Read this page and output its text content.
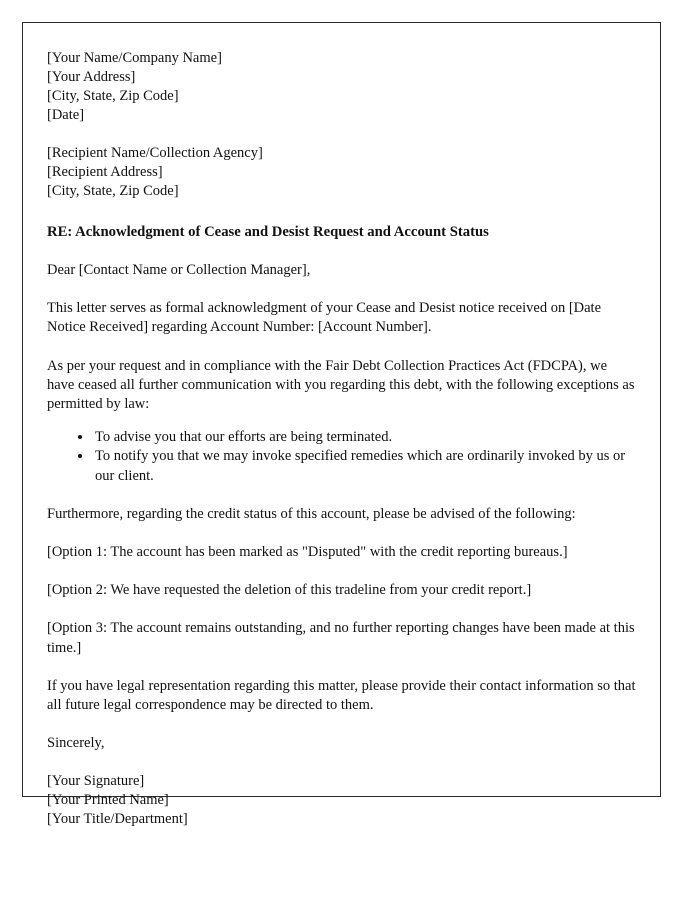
[Your Name/Company Name]
[Your Address]
[City, State, Zip Code]
[Date]
[Recipient Name/Collection Agency]
[Recipient Address]
[City, State, Zip Code]
RE: Acknowledgment of Cease and Desist Request and Account Status
Dear [Contact Name or Collection Manager],
This letter serves as formal acknowledgment of your Cease and Desist notice received on [Date Notice Received] regarding Account Number: [Account Number].
As per your request and in compliance with the Fair Debt Collection Practices Act (FDCPA), we have ceased all further communication with you regarding this debt, with the following exceptions as permitted by law:
• To advise you that our efforts are being terminated.
• To notify you that we may invoke specified remedies which are ordinarily invoked by us or our client.
Furthermore, regarding the credit status of this account, please be advised of the following:
[Option 1: The account has been marked as "Disputed" with the credit reporting bureaus.]
[Option 2: We have requested the deletion of this tradeline from your credit report.]
[Option 3: The account remains outstanding, and no further reporting changes have been made at this time.]
If you have legal representation regarding this matter, please provide their contact information so that all future legal correspondence may be directed to them.
Sincerely,
[Your Signature]
[Your Printed Name]
[Your Title/Department]
